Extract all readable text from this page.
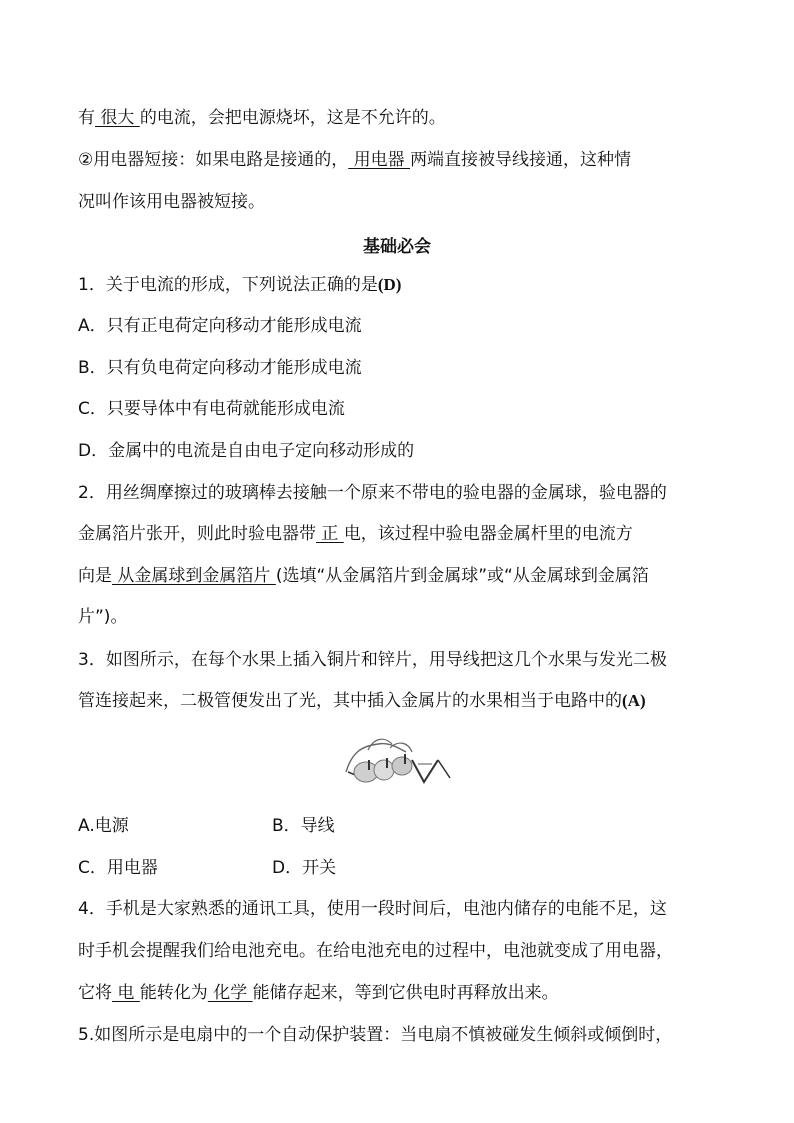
有 很大 的电流，会把电源烧坏，这是不允许的。
②用电器短接：如果电路是接通的， 用电器 两端直接被导线接通，这种情
况叫作该用电器被短接。
基础必会
1．关于电流的形成，下列说法正确的是(D)
A．只有正电荷定向移动才能形成电流
B．只有负电荷定向移动才能形成电流
C．只要导体中有电荷就能形成电流
D．金属中的电流是自由电子定向移动形成的
2．用丝绸摩擦过的玻璃棒去接触一个原来不带电的验电器的金属球，验电器的
金属箔片张开，则此时验电器带 正 电，该过程中验电器金属杆里的电流方
向是 从金属球到金属箔片 (选填“从金属箔片到金属球”或“从金属球到金属箔
片”)。
3．如图所示，在每个水果上插入铜片和锌片，用导线把这几个水果与发光二极
管连接起来，二极管便发出了光，其中插入金属片的水果相当于电路中的(A)
A.电源	B．导线
C．用电器	D．开关
4．手机是大家熟悉的通讯工具，使用一段时间后，电池内储存的电能不足，这
时手机会提醒我们给电池充电。在给电池充电的过程中，电池就变成了用电器，
它将 电 能转化为 化学 能储存起来，等到它供电时再释放出来。
5.如图所示是电扇中的一个自动保护装置：当电扇不慎被碰发生倾斜或倾倒时，
